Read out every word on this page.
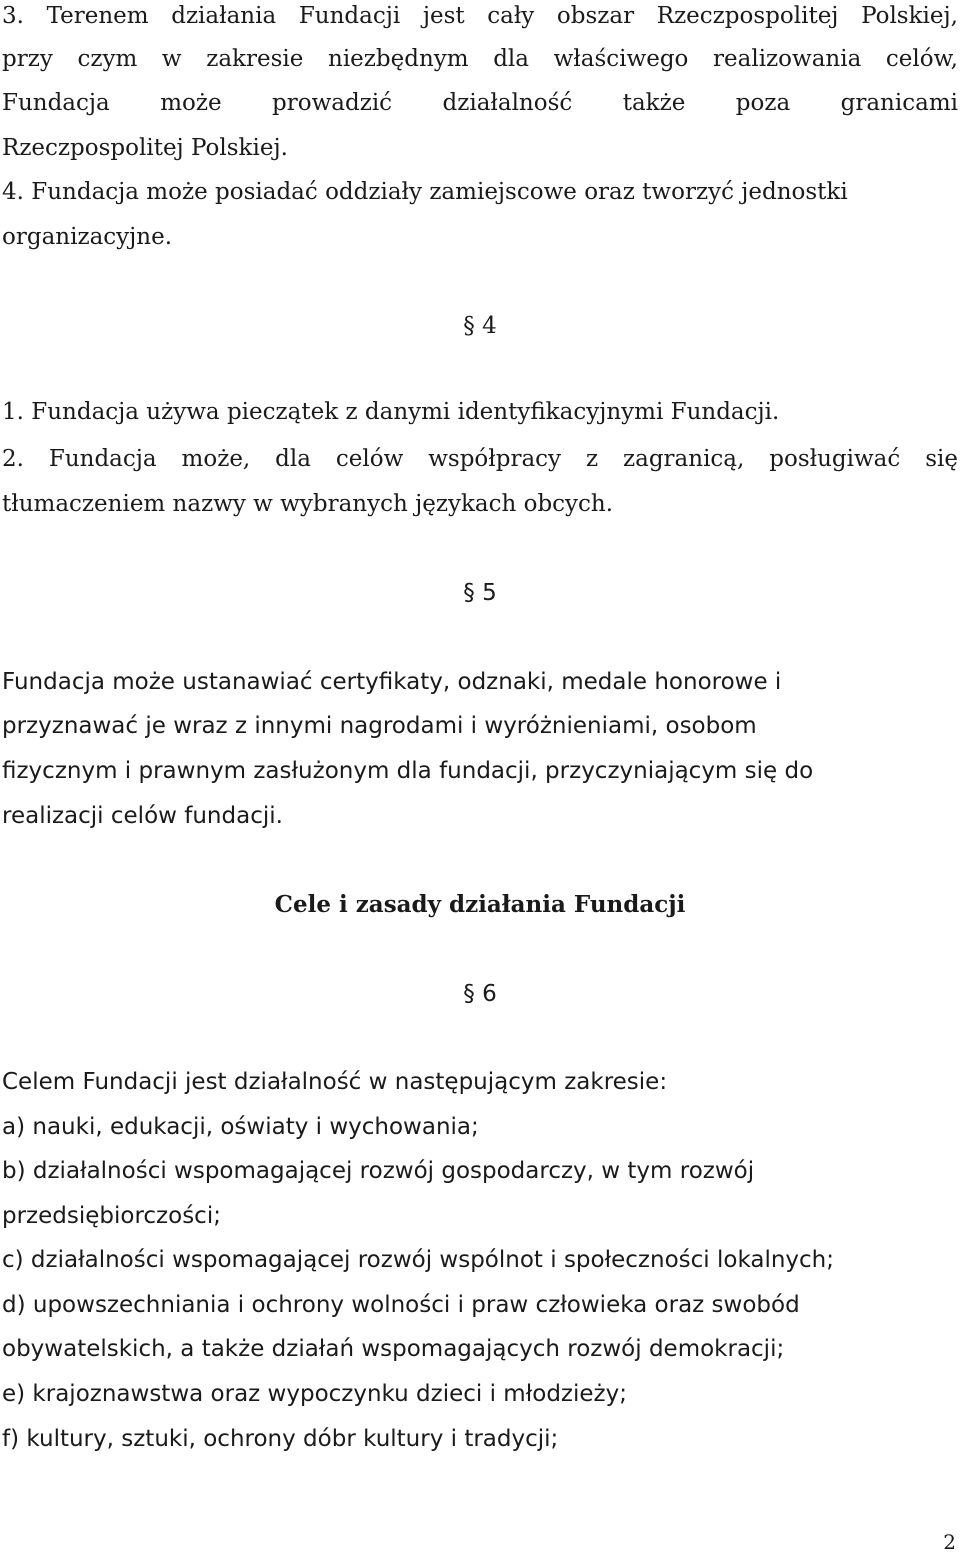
3. Terenem działania Fundacji jest cały obszar Rzeczpospolitej Polskiej,
przy czym w zakresie niezbędnym dla właściwego realizowania celów,
Fundacja może prowadzić działalność także poza granicami
Rzeczpospolitej Polskiej.
4. Fundacja może posiadać oddziały zamiejscowe oraz tworzyć jednostki
organizacyjne.
§ 4
1. Fundacja używa pieczątek z danymi identyfikacyjnymi Fundacji.
2. Fundacja może, dla celów współpracy z zagranicą, posługiwać się
tłumaczeniem nazwy w wybranych językach obcych.
§ 5
Fundacja może ustanawiać certyfikaty, odznaki, medale honorowe i
przyznawać je wraz z innymi nagrodami i wyróżnieniami, osobom
fizycznym i prawnym zasłużonym dla fundacji, przyczyniającym się do
realizacji celów fundacji.
Cele i zasady działania Fundacji
§ 6
Celem Fundacji jest działalność w następującym zakresie:
a) nauki, edukacji, oświaty i wychowania;
b) działalności wspomagającej rozwój gospodarczy, w tym rozwój
przedsiębiorczości;
c) działalności wspomagającej rozwój wspólnot i społeczności lokalnych;
d) upowszechniania i ochrony wolności i praw człowieka oraz swobód
obywatelskich, a także działań wspomagających rozwój demokracji;
e) krajoznawstwa oraz wypoczynku dzieci i młodzieży;
f) kultury, sztuki, ochrony dóbr kultury i tradycji;
2
